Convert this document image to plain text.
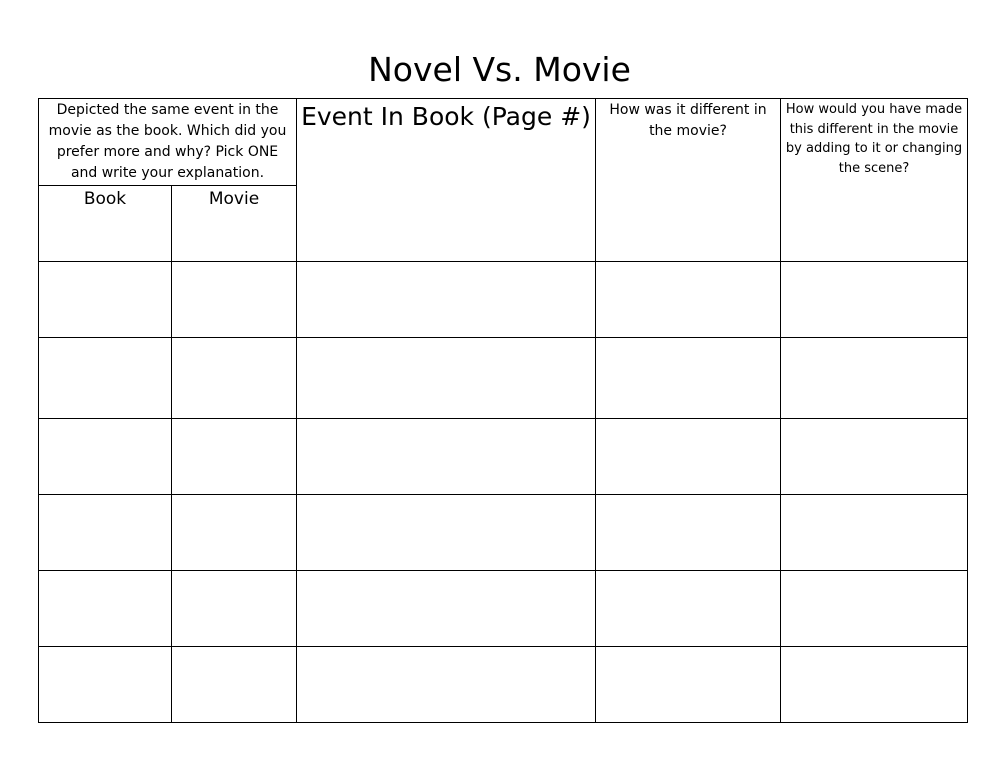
Novel Vs. Movie
Depicted the same event in the movie as the book. Which did you prefer more and why? Pick ONE and write your explanation.		Event In Book (Page #)	How was it different in the movie?	How would you have made this different in the movie by adding to it or changing the scene?
Book	Movie			
